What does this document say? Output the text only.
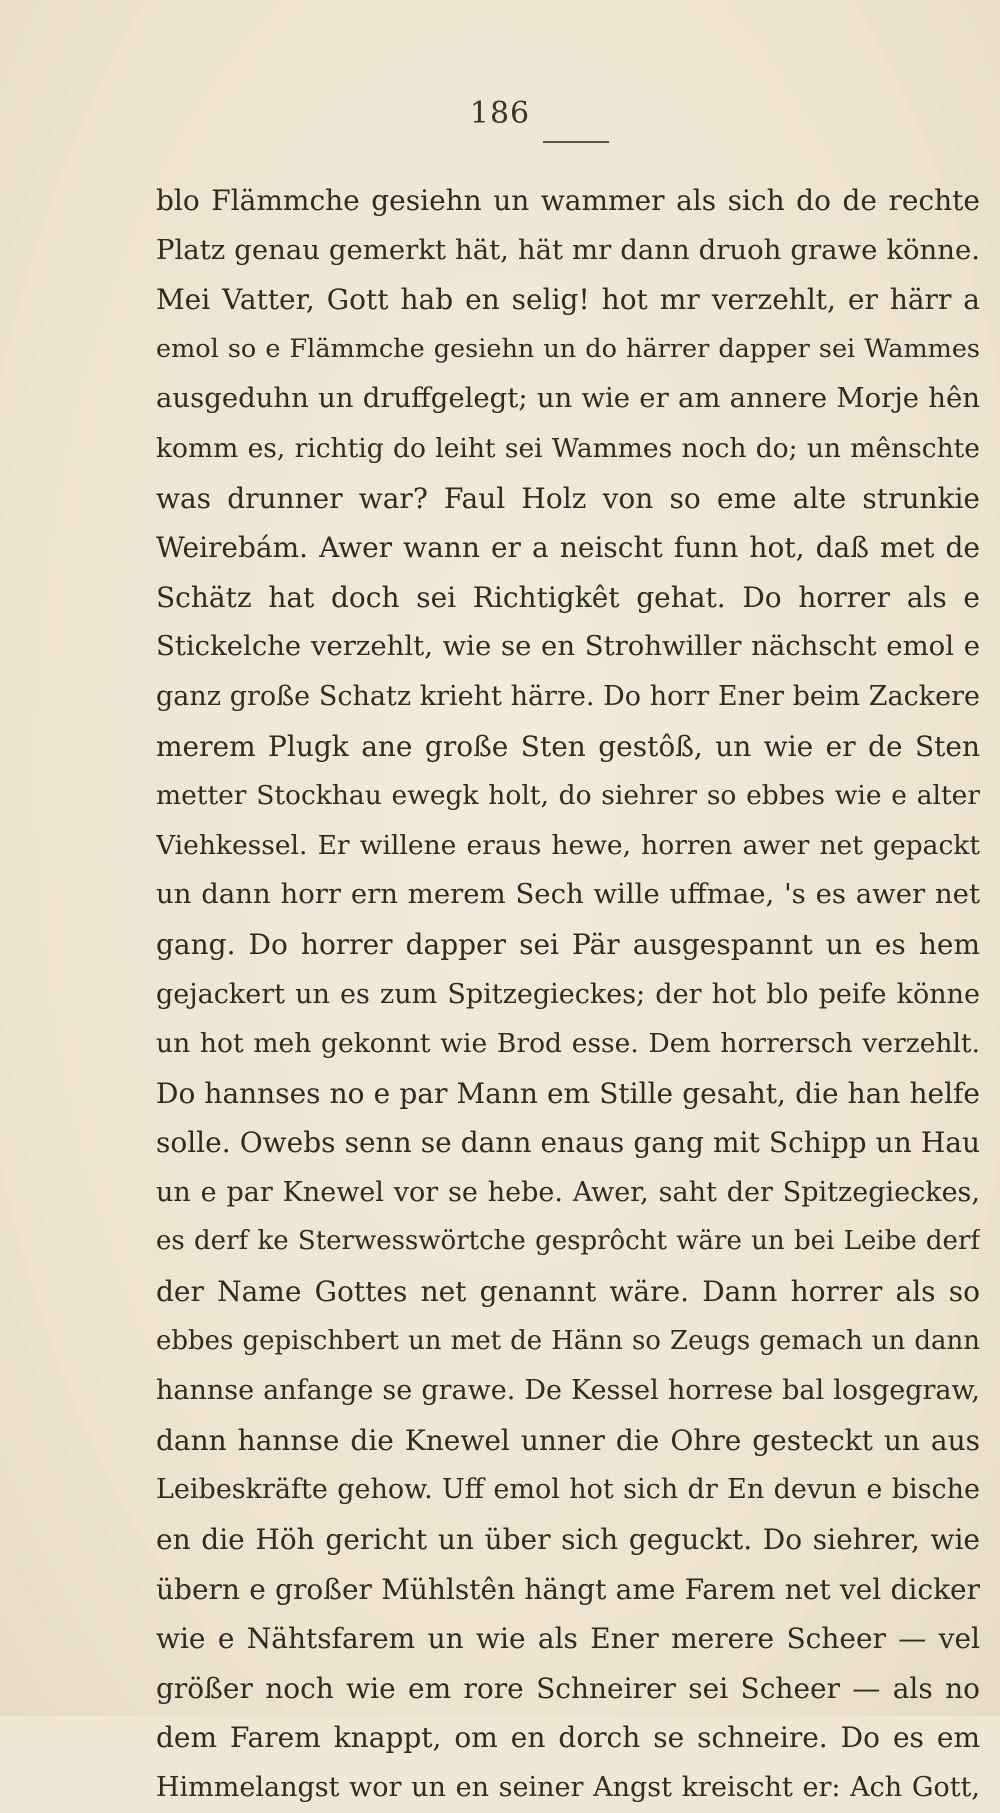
186
blo Flämmche gesiehn un wammer als sich do de rechte
Platz genau gemerkt hät, hät mr dann druoh grawe könne.
Mei Vatter, Gott hab en selig! hot mr verzehlt, er härr a
emol so e Flämmche gesiehn un do härrer dapper sei Wammes
ausgeduhn un druffgelegt; un wie er am annere Morje hên
komm es, richtig do leiht sei Wammes noch do; un mênschte
was drunner war? Faul Holz von so eme alte strunkie
Weirebám. Awer wann er a neischt funn hot, daß met de
Schätz hat doch sei Richtigkêt gehat. Do horrer als e
Stickelche verzehlt, wie se en Strohwiller nächscht emol e
ganz große Schatz krieht härre. Do horr Ener beim Zackere
merem Plugk ane große Sten gestôß, un wie er de Sten
metter Stockhau ewegk holt, do siehrer so ebbes wie e alter
Viehkessel. Er willene eraus hewe, horren awer net gepackt
un dann horr ern merem Sech wille uffmae, 's es awer net
gang. Do horrer dapper sei Pär ausgespannt un es hem
gejackert un es zum Spitzegieckes; der hot blo peife könne
un hot meh gekonnt wie Brod esse. Dem horrersch verzehlt.
Do hannses no e par Mann em Stille gesaht, die han helfe
solle. Owebs senn se dann enaus gang mit Schipp un Hau
un e par Knewel vor se hebe. Awer, saht der Spitzegieckes,
es derf ke Sterwesswörtche gesprôcht wäre un bei Leibe derf
der Name Gottes net genannt wäre. Dann horrer als so
ebbes gepischbert un met de Hänn so Zeugs gemach un dann
hannse anfange se grawe. De Kessel horrese bal losgegraw,
dann hannse die Knewel unner die Ohre gesteckt un aus
Leibeskräfte gehow. Uff emol hot sich dr En devun e bische
en die Höh gericht un über sich geguckt. Do siehrer, wie
übern e großer Mühlstên hängt ame Farem net vel dicker
wie e Nähtsfarem un wie als Ener merere Scheer — vel
größer noch wie em rore Schneirer sei Scheer — als no
dem Farem knappt, om en dorch se schneire. Do es em
Himmelangst wor un en seiner Angst kreischt er: Ach Gott,
